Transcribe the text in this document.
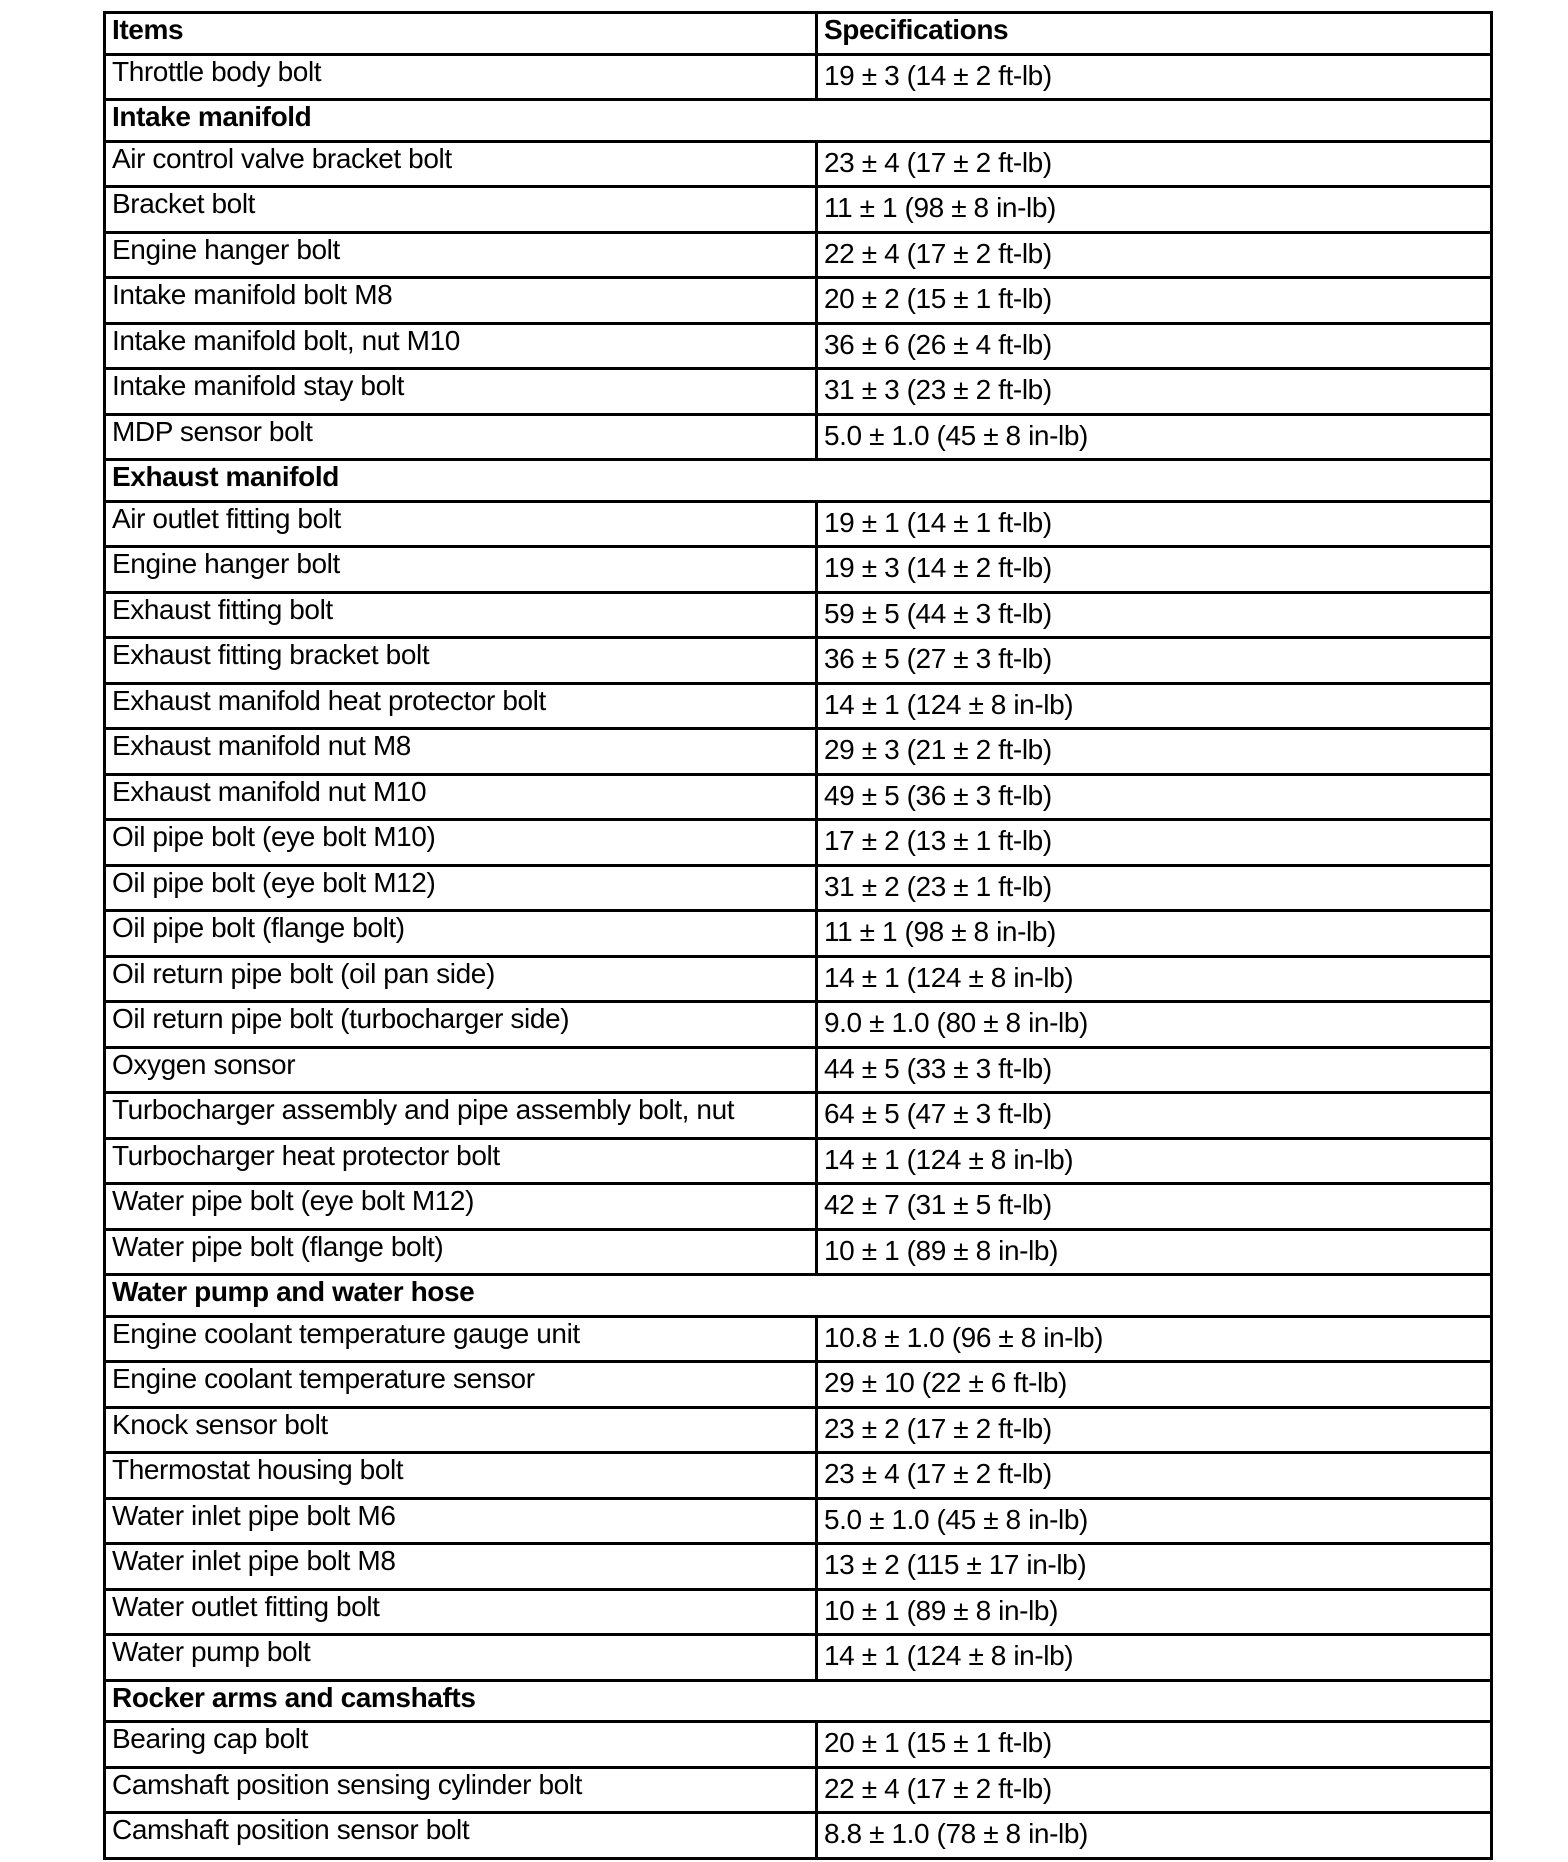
Items	Specifications
Throttle body bolt	19 ± 3 (14 ± 2 ft-lb)
Intake manifold	
Air control valve bracket bolt	23 ± 4 (17 ± 2 ft-lb)
Bracket bolt	11 ± 1 (98 ± 8 in-lb)
Engine hanger bolt	22 ± 4 (17 ± 2 ft-lb)
Intake manifold bolt M8	20 ± 2 (15 ± 1 ft-lb)
Intake manifold bolt, nut M10	36 ± 6 (26 ± 4 ft-lb)
Intake manifold stay bolt	31 ± 3 (23 ± 2 ft-lb)
MDP sensor bolt	5.0 ± 1.0 (45 ± 8 in-lb)
Exhaust manifold	
Air outlet fitting bolt	19 ± 1 (14 ± 1 ft-lb)
Engine hanger bolt	19 ± 3 (14 ± 2 ft-lb)
Exhaust fitting bolt	59 ± 5 (44 ± 3 ft-lb)
Exhaust fitting bracket bolt	36 ± 5 (27 ± 3 ft-lb)
Exhaust manifold heat protector bolt	14 ± 1 (124 ± 8 in-lb)
Exhaust manifold nut M8	29 ± 3 (21 ± 2 ft-lb)
Exhaust manifold nut M10	49 ± 5 (36 ± 3 ft-lb)
Oil pipe bolt (eye bolt M10)	17 ± 2 (13 ± 1 ft-lb)
Oil pipe bolt (eye bolt M12)	31 ± 2 (23 ± 1 ft-lb)
Oil pipe bolt (flange bolt)	11 ± 1 (98 ± 8 in-lb)
Oil return pipe bolt (oil pan side)	14 ± 1 (124 ± 8 in-lb)
Oil return pipe bolt (turbocharger side)	9.0 ± 1.0 (80 ± 8 in-lb)
Oxygen sonsor	44 ± 5 (33 ± 3 ft-lb)
Turbocharger assembly and pipe assembly bolt, nut	64 ± 5 (47 ± 3 ft-lb)
Turbocharger heat protector bolt	14 ± 1 (124 ± 8 in-lb)
Water pipe bolt (eye bolt M12)	42 ± 7 (31 ± 5 ft-lb)
Water pipe bolt (flange bolt)	10 ± 1 (89 ± 8 in-lb)
Water pump and water hose	
Engine coolant temperature gauge unit	10.8 ± 1.0 (96 ± 8 in-lb)
Engine coolant temperature sensor	29 ± 10 (22 ± 6 ft-lb)
Knock sensor bolt	23 ± 2 (17 ± 2 ft-lb)
Thermostat housing bolt	23 ± 4 (17 ± 2 ft-lb)
Water inlet pipe bolt M6	5.0 ± 1.0 (45 ± 8 in-lb)
Water inlet pipe bolt M8	13 ± 2 (115 ± 17 in-lb)
Water outlet fitting bolt	10 ± 1 (89 ± 8 in-lb)
Water pump bolt	14 ± 1 (124 ± 8 in-lb)
Rocker arms and camshafts	
Bearing cap bolt	20 ± 1 (15 ± 1 ft-lb)
Camshaft position sensing cylinder bolt	22 ± 4 (17 ± 2 ft-lb)
Camshaft position sensor bolt	8.8 ± 1.0 (78 ± 8 in-lb)
